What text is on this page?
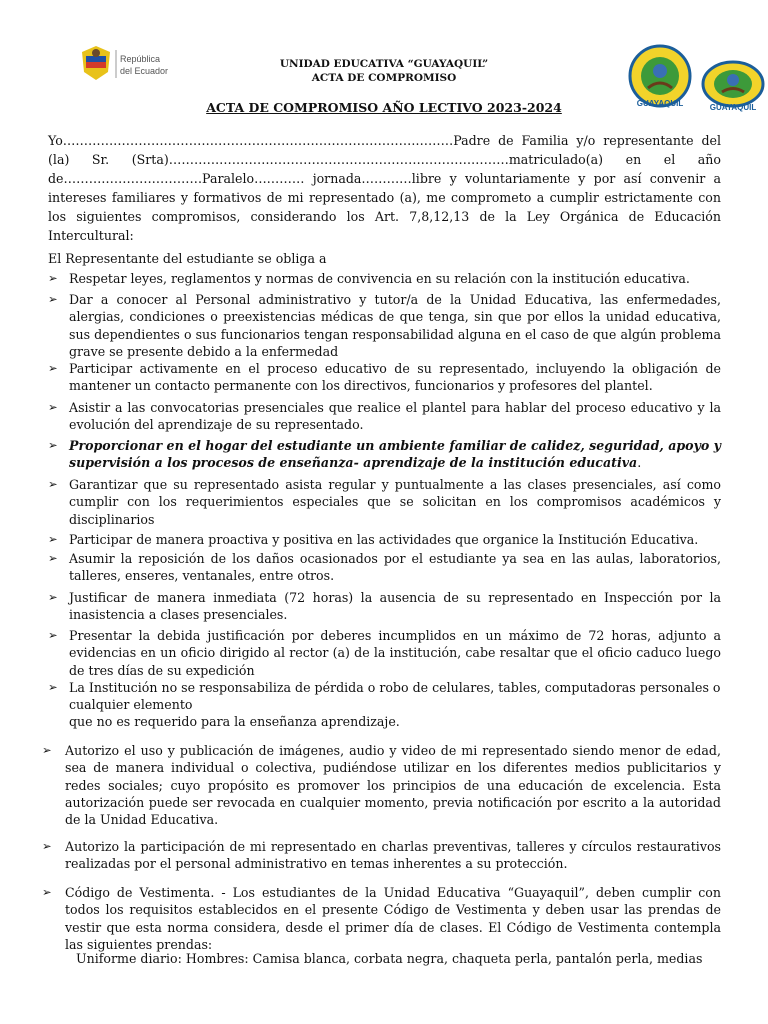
República
del Ecuador
GUAYAQUIL	GUAYAQUIL
UNIDAD EDUCATIVA “GUAYAQUIL”
ACTA DE COMPROMISO
ACTA DE COMPROMISO AÑO LECTIVO 2023-2024
Yo…………………………………………………………………………………Padre de Familia y/o representante del (la) Sr. (Srta)………………………………………………………………………matriculado(a) en el año de……………………………Paralelo………… jornada…………libre y voluntariamente y por así convenir a intereses familiares y formativos de mi representado (a), me comprometo a cumplir estrictamente con los siguientes compromisos, considerando los Art. 7,8,12,13 de la Ley Orgánica de Educación Intercultural:
El Representante del estudiante se obliga a
➢ Respetar leyes, reglamentos y normas de convivencia en su relación con la institución educativa.
➢ Dar a conocer al Personal administrativo y tutor/a de la Unidad Educativa, las enfermedades, alergias, condiciones o preexistencias médicas de que tenga, sin que por ellos la unidad educativa, sus dependientes o sus funcionarios tengan responsabilidad alguna en el caso de que algún problema grave se presente debido a la enfermedad
➢ Participar activamente en el proceso educativo de su representado, incluyendo la obligación de mantener un contacto permanente con los directivos, funcionarios y profesores del plantel.
➢ Asistir a las convocatorias presenciales que realice el plantel para hablar del proceso educativo y la evolución del aprendizaje de su representado.
➢ Proporcionar en el hogar del estudiante un ambiente familiar de calidez, seguridad, apoyo y supervisión a los procesos de enseñanza- aprendizaje de la institución educativa.
➢ Garantizar que su representado asista regular y puntualmente a las clases presenciales, así como cumplir con los requerimientos especiales que se solicitan en los compromisos académicos y disciplinarios
➢ Participar de manera proactiva y positiva en las actividades que organice la Institución Educativa.
➢ Asumir la reposición de los daños ocasionados por el estudiante ya sea en las aulas, laboratorios, talleres, enseres, ventanales, entre otros.
➢ Justificar de manera inmediata (72 horas) la ausencia de su representado en Inspección por la inasistencia a clases presenciales.
➢ Presentar la debida justificación por deberes incumplidos en un máximo de 72 horas, adjunto a evidencias en un oficio dirigido al rector (a) de la institución, cabe resaltar que el oficio caduco luego de tres días de su expedición
➢ La Institución no se responsabiliza de pérdida o robo de celulares, tables, computadoras personales o cualquier elemento
que no es requerido para la enseñanza aprendizaje.
➢ Autorizo el uso y publicación de imágenes, audio y video de mi representado siendo menor de edad, sea de manera individual o colectiva, pudiéndose utilizar en los diferentes medios publicitarios y redes sociales; cuyo propósito es promover los principios de una educación de excelencia. Esta autorización puede ser revocada en cualquier momento, previa notificación por escrito a la autoridad de la Unidad Educativa.
➢ Autorizo la participación de mi representado en charlas preventivas, talleres y círculos restaurativos realizadas por el personal administrativo en temas inherentes a su protección.
➢ Código de Vestimenta. - Los estudiantes de la Unidad Educativa “Guayaquil”, deben cumplir con todos los requisitos establecidos en el presente Código de Vestimenta y deben usar las prendas de vestir que esta norma considera, desde el primer día de clases. El Código de Vestimenta contempla las siguientes prendas:
Uniforme diario: Hombres: Camisa blanca, corbata negra, chaqueta perla, pantalón perla, medias
